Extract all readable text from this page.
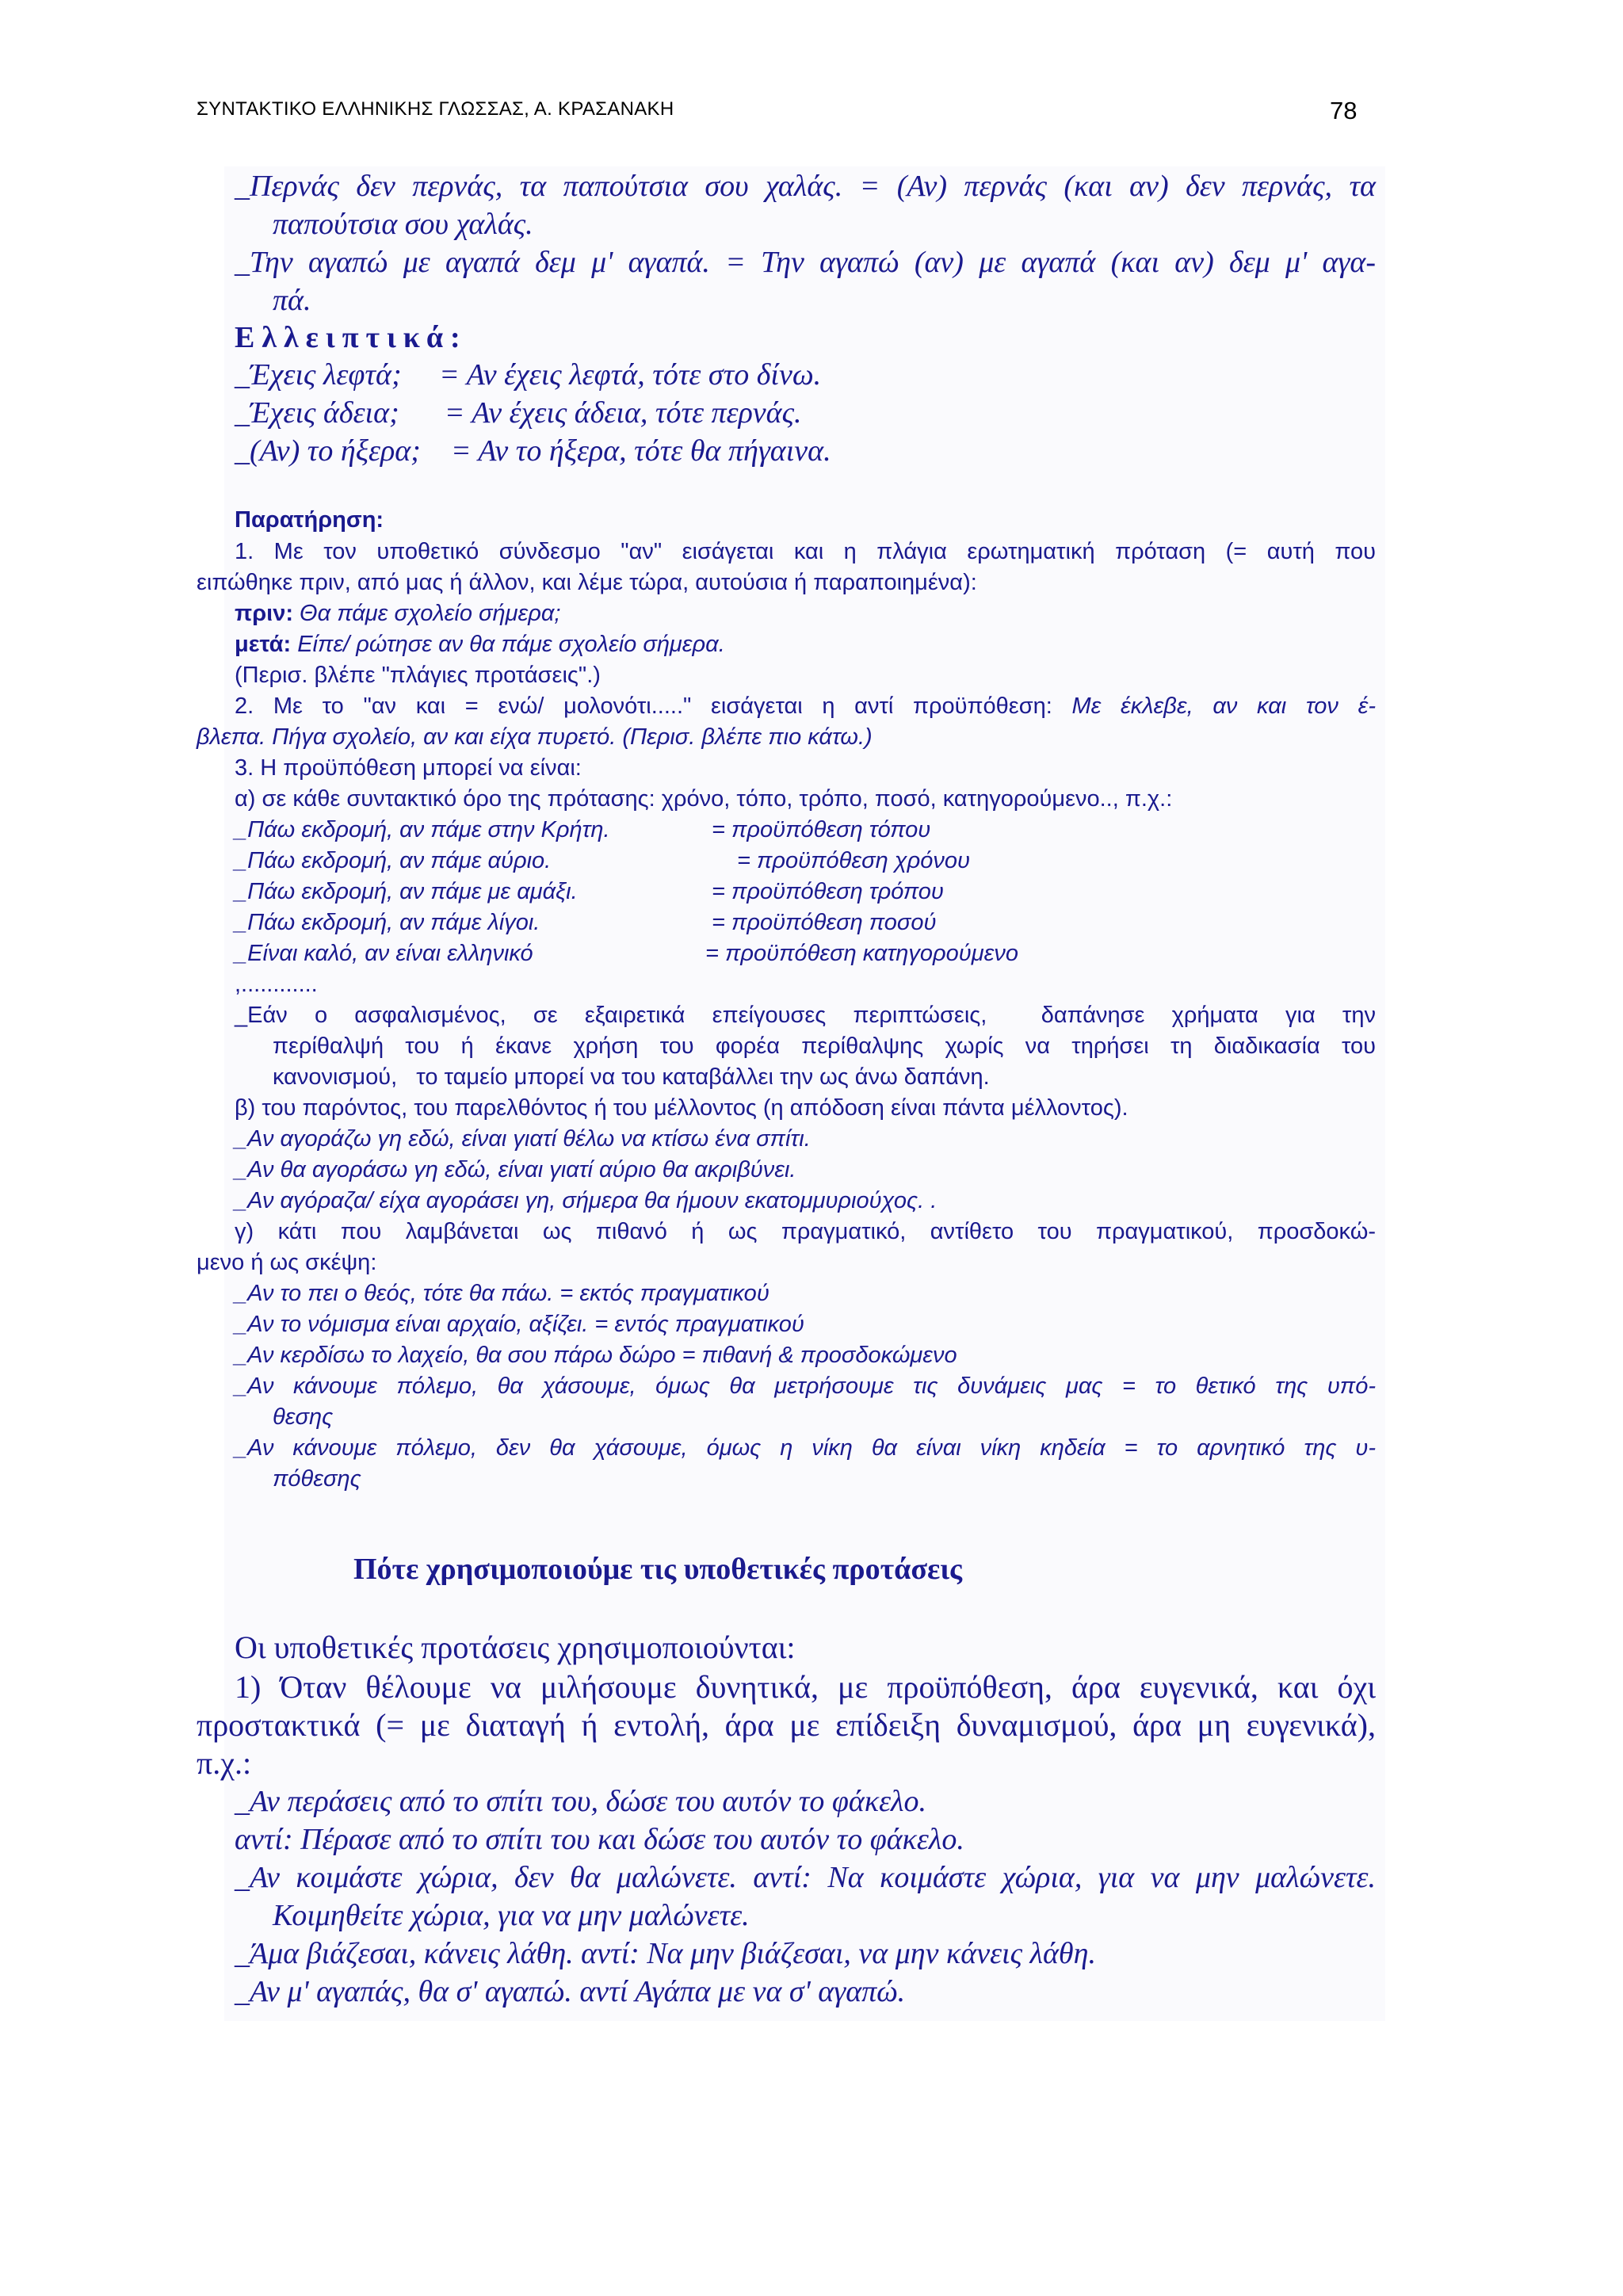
ΣΥΝΤΑΚΤΙΚΟ ΕΛΛΗΝΙΚΗΣ ΓΛΩΣΣΑΣ, Α. ΚΡΑΣΑΝΑΚΗ	78
_Περνάς δεν περνάς, τα παπούτσια σου χαλάς. = (Αν) περνάς (και αν) δεν περνάς, τα
παπούτσια σου χαλάς.
_Την αγαπώ με αγαπά δεμ μ' αγαπά. = Την αγαπώ (αν) με αγαπά (και αν) δεμ μ' αγα-
πά.
Ελλειπτικά:
_Έχεις λεφτά;     = Αν έχεις λεφτά, τότε στο δίνω.
_Έχεις άδεια;      = Αν έχεις άδεια, τότε περνάς.
_(Αν) το ήξερα;    = Αν το ήξερα, τότε θα πήγαινα.
Παρατήρηση:
1. Με τον υποθετικό σύνδεσμο "αν" εισάγεται και η πλάγια ερωτηματική πρόταση (= αυτή που
ειπώθηκε πριν, από μας ή άλλον, και λέμε τώρα, αυτούσια ή παραποιημένα):
πριν: Θα πάμε σχολείο σήμερα;
μετά: Είπε/ ρώτησε αν θα πάμε σχολείο σήμερα.
(Περισ. βλέπε "πλάγιες προτάσεις".)
2. Με το "αν και = ενώ/ μολονότι....." εισάγεται η αντί προϋπόθεση: Με έκλεβε, αν και τον έ-
βλεπα. Πήγα σχολείο, αν και είχα πυρετό. (Περισ. βλέπε πιο κάτω.)
3. Η προϋπόθεση μπορεί να είναι:
α) σε κάθε συντακτικό όρο της πρότασης: χρόνο, τόπο, τρόπο, ποσό, κατηγορούμενο.., π.χ.:
_Πάω εκδρομή, αν πάμε στην Κρήτη.	= προϋπόθεση τόπου
_Πάω εκδρομή, αν πάμε αύριο.	= προϋπόθεση χρόνου
_Πάω εκδρομή, αν πάμε με αμάξι.	= προϋπόθεση τρόπου
_Πάω εκδρομή, αν πάμε λίγοι.	= προϋπόθεση ποσού
_Είναι καλό, αν είναι ελληνικό	= προϋπόθεση κατηγορούμενο
,............
_Εάν ο ασφαλισμένος, σε εξαιρετικά επείγουσες περιπτώσεις,  δαπάνησε χρήματα για την
περίθαλψή του ή έκανε χρήση του φορέα περίθαλψης χωρίς να τηρήσει τη διαδικασία του
κανονισμού,   το ταμείο μπορεί να του καταβάλλει την ως άνω δαπάνη.
β) του παρόντος, του παρελθόντος ή του μέλλοντος (η απόδοση είναι πάντα μέλλοντος).
_Αν αγοράζω γη εδώ, είναι γιατί θέλω να κτίσω ένα σπίτι.
_Αν θα αγοράσω γη εδώ, είναι γιατί αύριο θα ακριβύνει.
_Αν αγόραζα/ είχα αγοράσει γη, σήμερα θα ήμουν εκατομμυριούχος. .
γ) κάτι που λαμβάνεται ως πιθανό ή ως πραγματικό, αντίθετο του πραγματικού, προσδοκώ-
μενο ή ως σκέψη:
_Αν το πει ο θεός, τότε θα πάω. = εκτός πραγματικού
_Αν το νόμισμα είναι αρχαίο, αξίζει. = εντός πραγματικού
_Αν κερδίσω το λαχείο, θα σου πάρω δώρο = πιθανή & προσδοκώμενο
_Αν κάνουμε πόλεμο, θα χάσουμε, όμως θα μετρήσουμε τις δυνάμεις μας = το θετικό της υπό-
θεσης
_Αν κάνουμε πόλεμο, δεν θα χάσουμε, όμως η νίκη θα είναι νίκη κηδεία = το αρνητικό της υ-
πόθεσης
Πότε χρησιμοποιούμε τις υποθετικές προτάσεις
Οι υποθετικές προτάσεις χρησιμοποιούνται:
1) Όταν θέλουμε να μιλήσουμε δυνητικά, με προϋπόθεση, άρα ευγενικά, και όχι
προστακτικά (= με διαταγή ή εντολή, άρα με επίδειξη δυναμισμού, άρα μη ευγενικά),
π.χ.:
_Αν περάσεις από το σπίτι του, δώσε του αυτόν το φάκελο.
αντί: Πέρασε από το σπίτι του και δώσε του αυτόν το φάκελο.
_Αν κοιμάστε χώρια, δεν θα μαλώνετε. αντί: Να κοιμάστε χώρια, για να μην μαλώνετε.
Κοιμηθείτε χώρια, για να μην μαλώνετε.
_Άμα βιάζεσαι, κάνεις λάθη. αντί: Να μην βιάζεσαι, να μην κάνεις λάθη.
_Αν μ' αγαπάς, θα σ' αγαπώ. αντί Αγάπα με να σ' αγαπώ.
